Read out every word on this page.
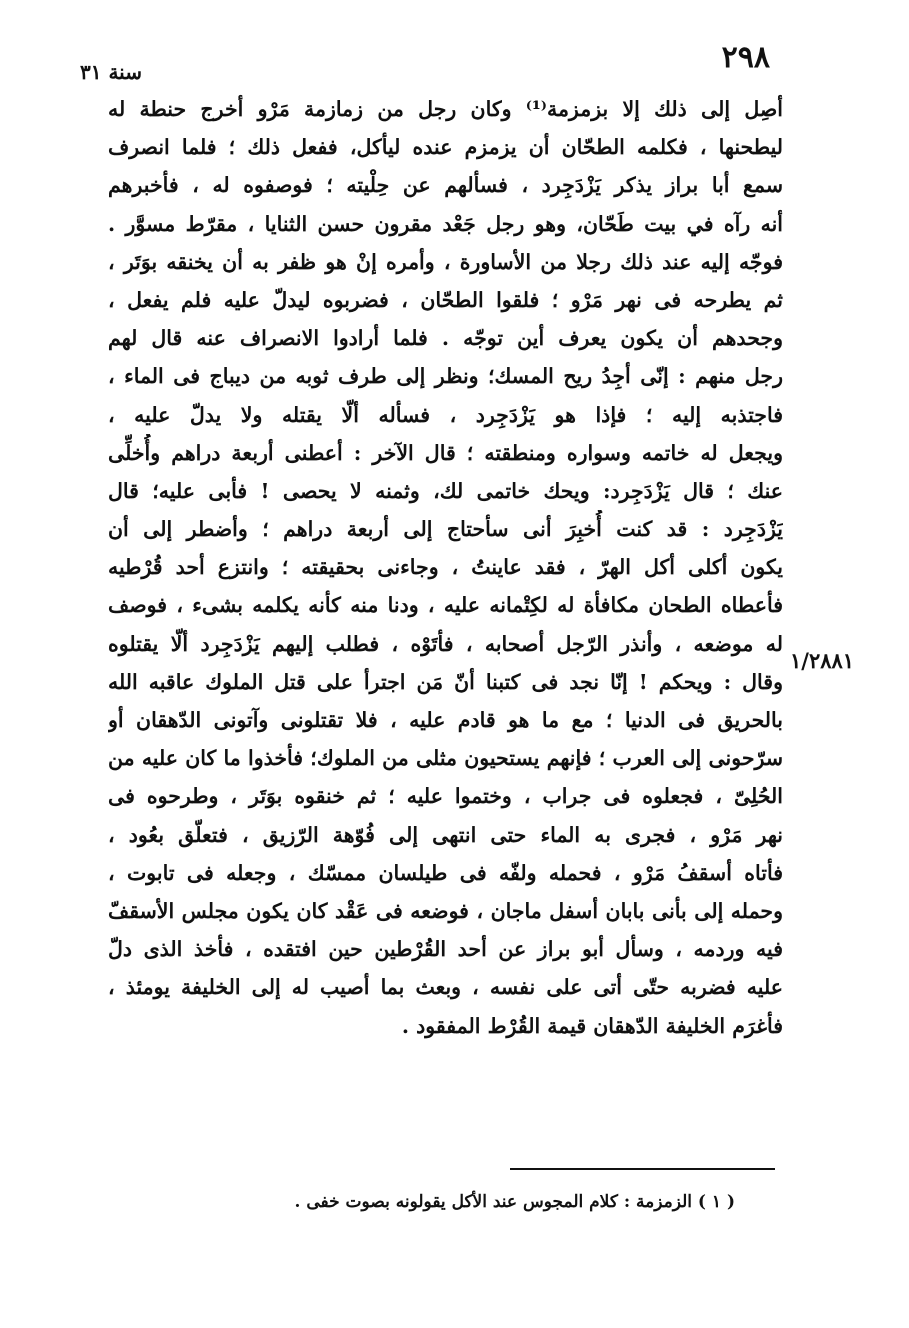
٢٩٨
سنة ٣١
١/٢٨٨١
أصِل إلى ذلك إلا بزمزمة⁽¹⁾ وكان رجل من زمازمة مَرْو أخرج حنطة له
ليطحنها ، فكلمه الطحّان أن يزمزم عنده ليأكل، ففعل ذلك ؛ فلما انصرف
سمع أبا براز يذكر يَزْدَجِرد ، فسألهم عن حِلْيته ؛ فوصفوه له ، فأخبرهم
أنه رآه في بيت طَحّان، وهو رجل جَعْد مقرون حسن الثنايا ، مقرّط مسوَّر .
فوجّه إليه عند ذلك رجلا من الأساورة ، وأمره إنْ هو ظفر به أن يخنقه بوَتَر ،
ثم يطرحه فى نهر مَرْو ؛ فلقوا الطحّان ، فضربوه ليدلّ عليه فلم يفعل ،
وجحدهم أن يكون يعرف أين توجّه . فلما أرادوا الانصراف عنه قال لهم
رجل منهم : إنّى أجِدُ ريح المسك؛ ونظر إلى طرف ثوبه من ديباج فى الماء ،
فاجتذبه إليه ؛ فإذا هو يَزْدَجِرد ، فسأله ألّا يقتله ولا يدلّ عليه ،
ويجعل له خاتمه وسواره ومنطقته ؛ قال الآخر : أعطنى أربعة دراهم وأُخلِّى
عنك ؛ قال يَزْدَجِرد: ويحك خاتمى لك، وثمنه لا يحصى ! فأبى عليه؛ قال
يَزْدَجِرد : قد كنت أُخبِرَ أنى سأحتاج إلى أربعة دراهم ؛ وأضطر إلى أن
يكون أكلى أكل الهرّ ، فقد عاينتُ ، وجاءنى بحقيقته ؛ وانتزع أحد قُرْطيه
فأعطاه الطحان مكافأة له لكِتْمانه عليه ، ودنا منه كأنه يكلمه بشىء ، فوصف
له موضعه ، وأنذر الرّجل أصحابه ، فأتَوْه ، فطلب إليهم يَزْدَجِرد ألّا يقتلوه
وقال : ويحكم ! إنّا نجد فى كتبنا أنّ مَن اجترأ على قتل الملوك عاقبه الله
بالحريق فى الدنيا ؛ مع ما هو قادم عليه ، فلا تقتلونى وآتونى الدّهقان أو
سرّحونى إلى العرب ؛ فإنهم يستحيون مثلى من الملوك؛ فأخذوا ما كان عليه من
الحُلِىّ ، فجعلوه فى جراب ، وختموا عليه ؛ ثم خنقوه بوَتَر ، وطرحوه فى
نهر مَرْو ، فجرى به الماء حتى انتهى إلى فُوّهة الرّزيق ، فتعلّق بعُود ،
فأتاه أسقفُ مَرْو ، فحمله ولفّه فى طيلسان ممسّك ، وجعله فى تابوت ،
وحمله إلى بأنى بابان أسفل ماجان ، فوضعه فى عَقْد كان يكون مجلس الأسقفّ
فيه وردمه ، وسأل أبو براز عن أحد القُرْطين حين افتقده ، فأخذ الذى دلّ
عليه فضربه حتّى أتى على نفسه ، وبعث بما أصيب له إلى الخليفة يومئذ ،
فأغرَم الخليفة الدّهقان قيمة القُرْط المفقود .
( ١ ) الزمزمة : كلام المجوس عند الأكل يقولونه بصوت خفى .
